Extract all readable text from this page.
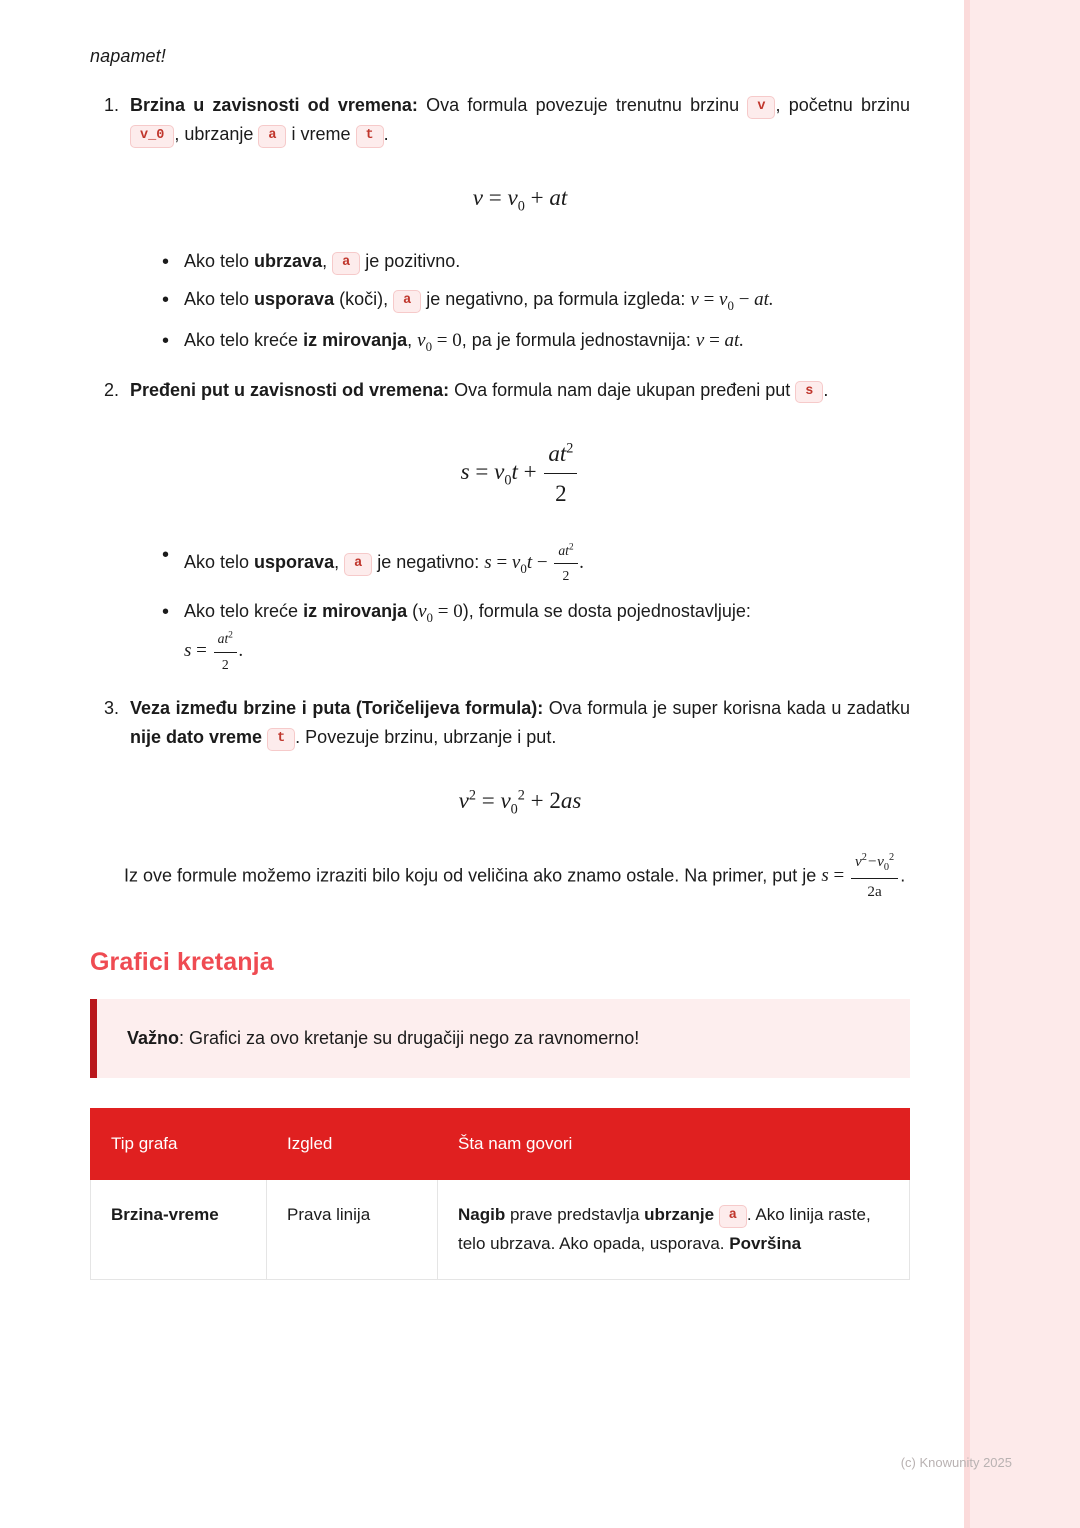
napamet!

1. Brzina u zavisnosti od vremena: Ova formula povezuje trenutnu brzinu v , početnu brzinu v_0 , ubrzanje a i vreme t .
$v = v_0$ + at
• Ako telo ubrzava, a je pozitivno.
• Ako telo usporava (koči), a je negativno, pa formula izgleda: $v = v_0$ − at.
• Ako telo kreće iz mirovanja, $v_0 = 0$, pa je formula jednostavnija: v = at.
2. Pređeni put u zavisnosti od vremena: Ova formula nam daje ukupan pređeni put s .
$s = v_0t + \frac{at^2}{2}$
• Ako telo usporava, a je negativno: $s = v_0t - \frac{at^2}{2}$ .
• Ako telo kreće iz mirovanja $(v_0 = 0)$, formula se dosta pojednostavljuje:
$s = \frac{at^2}{2}$ .
3. Veza između brzine i puta (Toričelijeva formula): Ova formula je super korisna kada u zadatku nije dato vreme t . Povezuje brzinu, ubrzanje i put.
$v^2 = v_0^2 + 2as$

Iz ove formule možemo izraziti bilo koju od veličina ako znamo ostale. Na primer, put je $s = \frac{v^2-v_0^2}{2a}$ .

Grafici kretanja
Važno: Grafici za ovo kretanje su drugačiji nego za ravnomerno!
Tip grafa	Izgled	Šta nam govori
Brzina-vreme	Prava linija	Nagib prave predstavlja ubrzanje a . Ako linija raste, telo ubrzava. Ako opada, usporava. Površina
(c) Knowunity 2025
